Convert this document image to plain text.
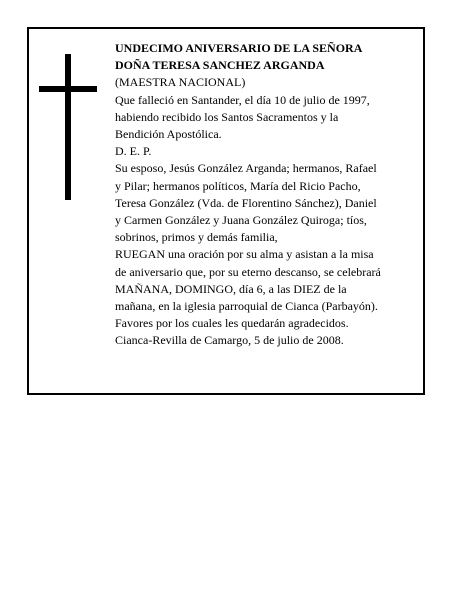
UNDECIMO ANIVERSARIO DE LA SEÑORA
DOÑA TERESA SANCHEZ ARGANDA
(MAESTRA NACIONAL)
Que falleció en Santander, el día 10 de julio de 1997,
habiendo recibido los Santos Sacramentos y la
Bendición Apostólica.
D. E. P.
Su esposo, Jesús González Arganda; hermanos, Rafael
y Pilar; hermanos políticos, María del Ricio Pacho,
Teresa González (Vda. de Florentino Sánchez), Daniel
y Carmen González y Juana González Quiroga; tíos,
sobrinos, primos y demás familia,
RUEGAN una oración por su alma y asistan a la misa
de aniversario que, por su eterno descanso, se celebrará
MAÑANA, DOMINGO, día 6, a las DIEZ de la
mañana, en la iglesia parroquial de Cianca (Parbayón).
Favores por los cuales les quedarán agradecidos.
Cianca-Revilla de Camargo, 5 de julio de 2008.
